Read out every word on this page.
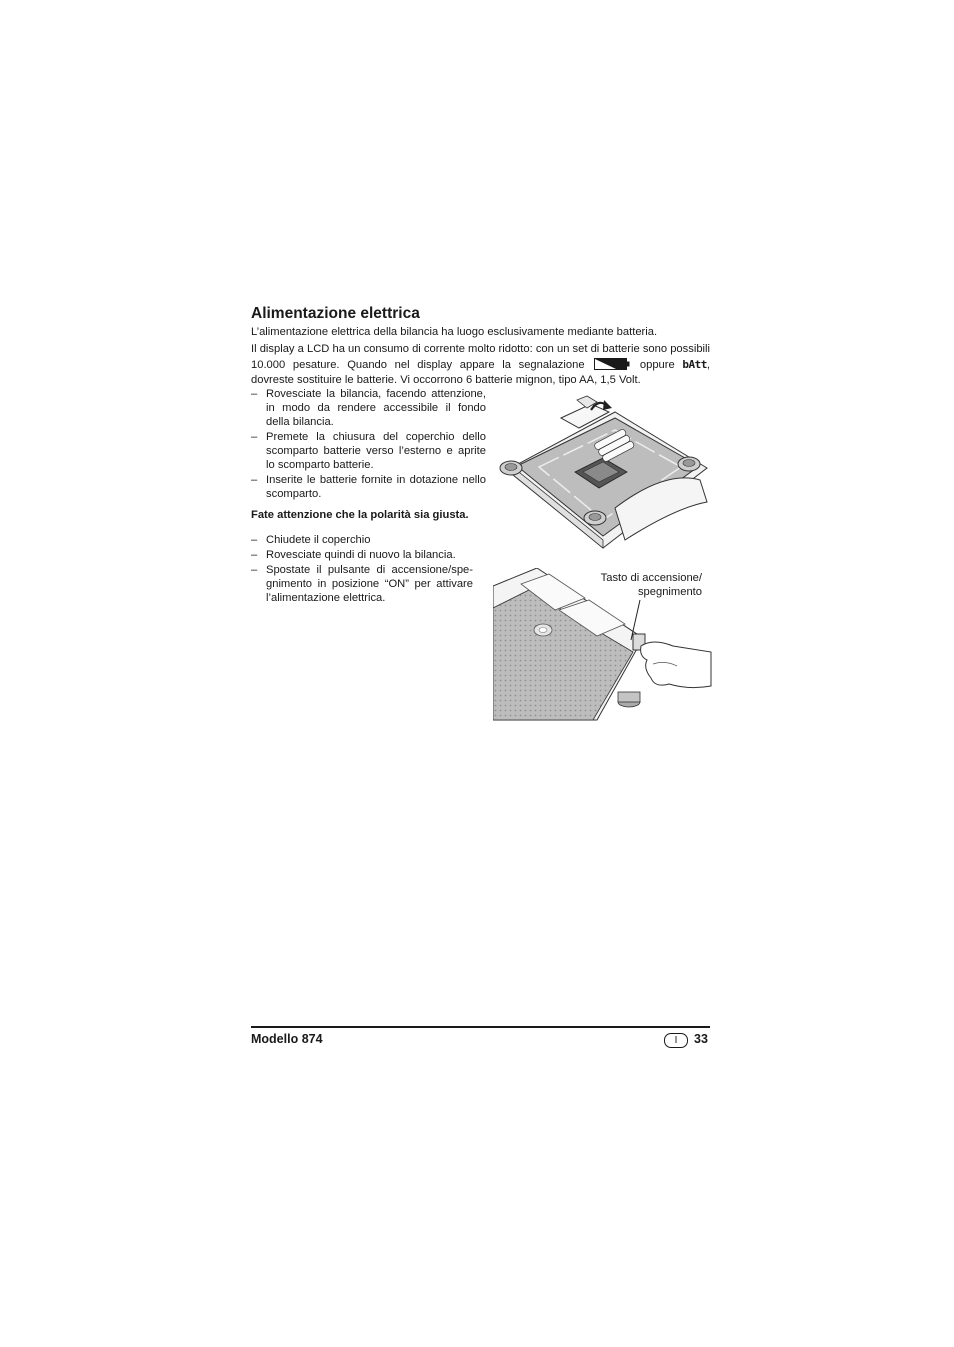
Alimentazione elettrica
L’alimentazione elettrica della bilancia ha luogo esclusivamente mediante batteria.
Il display a LCD ha un consumo di corrente molto ridotto: con un set di batterie sono possibili 10.000 pesature. Quando nel display appare la segnalazione	oppure bAtt, dovreste sostituire le batterie. Vi occorrono 6 batterie mignon, tipo AA, 1,5 Volt.
– Rovesciate la bilancia, facendo attenzione, in modo da rendere accessibile il fondo della bilancia.
– Premete la chiusura del coperchio dello scomparto batterie verso l’esterno e aprite lo scomparto batterie.
– Inserite le batterie fornite in dotazione nello scomparto.
Fate attenzione che la polarità sia giusta.
– Chiudete il coperchio
– Rovesciate quindi di nuovo la bilancia.
– Spostate il pulsante di accensione/spe-gnimento in posizione “ON” per attivare l’alimentazione elettrica.
Tasto di accensione/
spegnimento
Modello 874	I	33
